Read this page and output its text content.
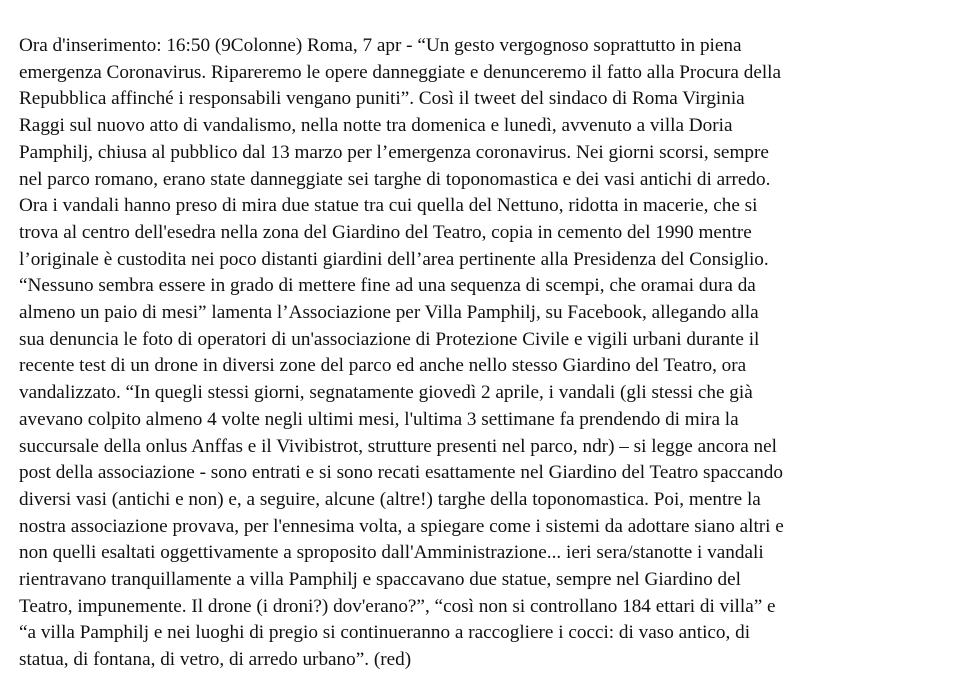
Ora d'inserimento: 16:50 (9Colonne) Roma, 7 apr - “Un gesto vergognoso soprattutto in piena
emergenza Coronavirus. Ripareremo le opere danneggiate e denunceremo il fatto alla Procura della
Repubblica affinché i responsabili vengano puniti”. Così il tweet del sindaco di Roma Virginia
Raggi sul nuovo atto di vandalismo, nella notte tra domenica e lunedì, avvenuto a villa Doria
Pamphilj, chiusa al pubblico dal 13 marzo per l’emergenza coronavirus. Nei giorni scorsi, sempre
nel parco romano, erano state danneggiate sei targhe di toponomastica e dei vasi antichi di arredo.
Ora i vandali hanno preso di mira due statue tra cui quella del Nettuno, ridotta in macerie, che si
trova al centro dell'esedra nella zona del Giardino del Teatro, copia in cemento del 1990 mentre
l’originale è custodita nei poco distanti giardini dell’area pertinente alla Presidenza del Consiglio.
“Nessuno sembra essere in grado di mettere fine ad una sequenza di scempi, che oramai dura da
almeno un paio di mesi” lamenta l’Associazione per Villa Pamphilj, su Facebook, allegando alla
sua denuncia le foto di operatori di un'associazione di Protezione Civile e vigili urbani durante il
recente test di un drone in diversi zone del parco ed anche nello stesso Giardino del Teatro, ora
vandalizzato. “In quegli stessi giorni, segnatamente giovedì 2 aprile, i vandali (gli stessi che già
avevano colpito almeno 4 volte negli ultimi mesi, l'ultima 3 settimane fa prendendo di mira la
succursale della onlus Anffas e il Vivibistrot, strutture presenti nel parco, ndr) – si legge ancora nel
post della associazione - sono entrati e si sono recati esattamente nel Giardino del Teatro spaccando
diversi vasi (antichi e non) e, a seguire, alcune (altre!) targhe della toponomastica. Poi, mentre la
nostra associazione provava, per l'ennesima volta, a spiegare come i sistemi da adottare siano altri e
non quelli esaltati oggettivamente a sproposito dall'Amministrazione... ieri sera/stanotte i vandali
rientravano tranquillamente a villa Pamphilj e spaccavano due statue, sempre nel Giardino del
Teatro, impunemente. Il drone (i droni?) dov'erano?”, “così non si controllano 184 ettari di villa” e
“a villa Pamphilj e nei luoghi di pregio si continueranno a raccogliere i cocci: di vaso antico, di
statua, di fontana, di vetro, di arredo urbano”. (red)
